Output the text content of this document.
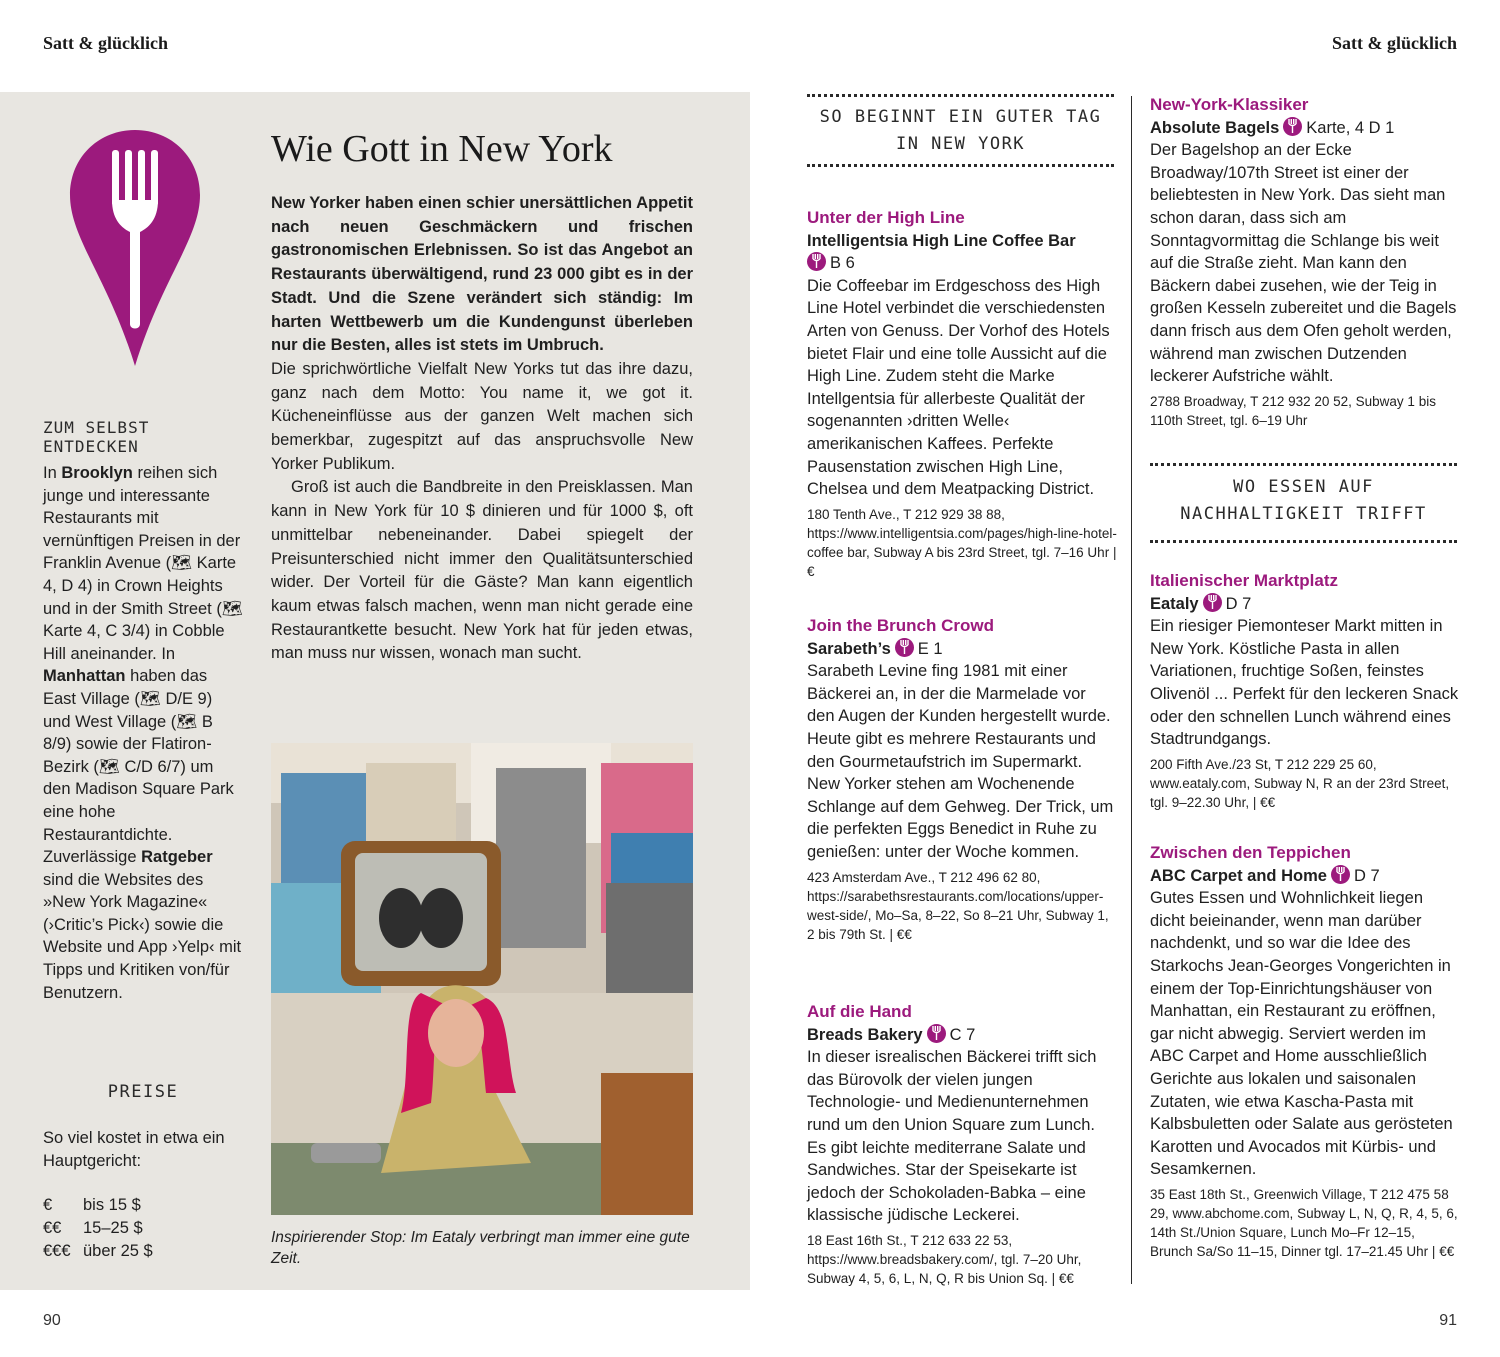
Satt & glücklich	Satt & glücklich
ZUM SELBST ENTDECKEN
In Brooklyn reihen sich junge und interessante Restaurants mit vernünftigen Preisen in der Franklin Avenue (🗺︎ Karte 4, D 4) in Crown Heights und in der Smith Street (🗺︎ Karte 4, C 3/4) in Cobble Hill aneinander. In Manhattan haben das East Village (🗺︎ D/E 9) und West Village (🗺︎ B 8/9) sowie der Flatiron-Bezirk (🗺︎ C/D 6/7) um den Madison Square Park eine hohe Restaurantdichte. Zuverlässige Ratgeber sind die Websites des »New York Magazine« (›Critic’s Pick‹) sowie die Website und App ›Yelp‹ mit Tipps und Kritiken von/für Benutzern.
PREISE
So viel kostet in etwa ein Hauptgericht:
€ bis 15 $
€€ 15–25 $
€€€ über 25 $
Wie Gott in New York

New Yorker haben einen schier unersättlichen Appetit nach neuen Geschmäckern und frischen gastronomischen Erlebnissen. So ist das Angebot an Restaurants überwältigend, rund 23 000 gibt es in der Stadt. Und die Szene verändert sich ständig: Im harten Wettbewerb um die Kundengunst überleben nur die Besten, alles ist stets im Umbruch.

Die sprichwörtliche Vielfalt New Yorks tut das ihre dazu, ganz nach dem Motto: You name it, we got it. Kücheneinflüsse aus der ganzen Welt machen sich bemerkbar, zugespitzt auf das anspruchsvolle New Yorker Publikum.

Groß ist auch die Bandbreite in den Preisklassen. Man kann in New York für 10 $ dinieren und für 1000 $, oft unmittelbar nebeneinander. Dabei spiegelt der Preisunterschied nicht immer den Qualitätsunterschied wider. Der Vorteil für die Gäste? Man kann eigentlich kaum etwas falsch machen, wenn man nicht gerade eine Restaurantkette besucht. New York hat für jeden etwas, man muss nur wissen, wonach man sucht.

Inspirierender Stop: Im Eataly verbringt man immer eine gute Zeit.
SO BEGINNT EIN GUTER TAG IN NEW YORK
WO ESSEN AUF NACHHALTIGKEIT TRIFFT
Unter der High Line
Intelligentsia High Line Coffee Bar

B 6

Die Coffeebar im Erdgeschoss des High Line Hotel verbindet die verschiedensten Arten von Genuss. Der Vorhof des Hotels bietet Flair und eine tolle Aussicht auf die High Line. Zudem steht die Marke Intellgentsia für allerbeste Qualität der sogenannten ›dritten Welle‹ amerikanischen Kaffees. Perfekte Pausenstation zwischen High Line, Chelsea und dem Meatpacking District.

180 Tenth Ave., T 212 929 38 88, https://www.intelligentsia.com/pages/high-line-hotel-coffee bar, Subway A bis 23rd Street, tgl. 7–16 Uhr | €
Join the Brunch Crowd
Sarabeth’s E 1

Sarabeth Levine fing 1981 mit einer Bäckerei an, in der die Marmelade vor den Augen der Kunden hergestellt wurde. Heute gibt es mehrere Restaurants und den Gourmetaufstrich im Supermarkt. New Yorker stehen am Wochenende Schlange auf dem Gehweg. Der Trick, um die perfekten Eggs Benedict in Ruhe zu genießen: unter der Woche kommen.

423 Amsterdam Ave., T 212 496 62 80, https://sarabethsrestaurants.com/locations/upper-west-side/, Mo–Sa, 8–22, So 8–21 Uhr, Subway 1, 2 bis 79th St. | €€
Auf die Hand
Breads Bakery C 7

In dieser isrealischen Bäckerei trifft sich das Bürovolk der vielen jungen Technologie- und Medienunternehmen rund um den Union Square zum Lunch. Es gibt leichte mediterrane Salate und Sandwiches. Star der Speisekarte ist jedoch der Schokoladen-Babka – eine klassische jüdische Leckerei.

18 East 16th St., T 212 633 22 53, https://www.breadsbakery.com/, tgl. 7–20 Uhr, Subway 4, 5, 6, L, N, Q, R bis Union Sq. | €€
New-York-Klassiker
Absolute Bagels Karte, 4 D 1

Der Bagelshop an der Ecke Broadway/107th Street ist einer der beliebtesten in New York. Das sieht man schon daran, dass sich am Sonntagvormittag die Schlange bis weit auf die Straße zieht. Man kann den Bäckern dabei zusehen, wie der Teig in großen Kesseln zubereitet und die Bagels dann frisch aus dem Ofen geholt werden, während man zwischen Dutzenden leckerer Aufstriche wählt.

2788 Broadway, T 212 932 20 52, Subway 1 bis 110th Street, tgl. 6–19 Uhr
Italienischer Marktplatz
Eataly D 7

Ein riesiger Piemonteser Markt mitten in New York. Köstliche Pasta in allen Variationen, fruchtige Soßen, feinstes Olivenöl ... Perfekt für den leckeren Snack oder den schnellen Lunch während eines Stadtrundgangs.

200 Fifth Ave./23 St, T 212 229 25 60, www.eataly.com, Subway N, R an der 23rd Street, tgl. 9–22.30 Uhr, | €€
Zwischen den Teppichen
ABC Carpet and Home D 7

Gutes Essen und Wohnlichkeit liegen dicht beieinander, wenn man darüber nachdenkt, und so war die Idee des Starkochs Jean-Georges Vongerichten in einem der Top-Einrichtungshäuser von Manhattan, ein Restaurant zu eröffnen, gar nicht abwegig. Serviert werden im ABC Carpet and Home ausschließlich Gerichte aus lokalen und saisonalen Zutaten, wie etwa Kascha-Pasta mit Kalbsbuletten oder Salate aus gerösteten Karotten und Avocados mit Kürbis- und Sesamkernen.

35 East 18th St., Greenwich Village, T 212 475 58 29, www.abchome.com, Subway L, N, Q, R, 4, 5, 6, 14th St./Union Square, Lunch Mo–Fr 12–15, Brunch Sa/So 11–15, Dinner tgl. 17–21.45 Uhr | €€
90	91
